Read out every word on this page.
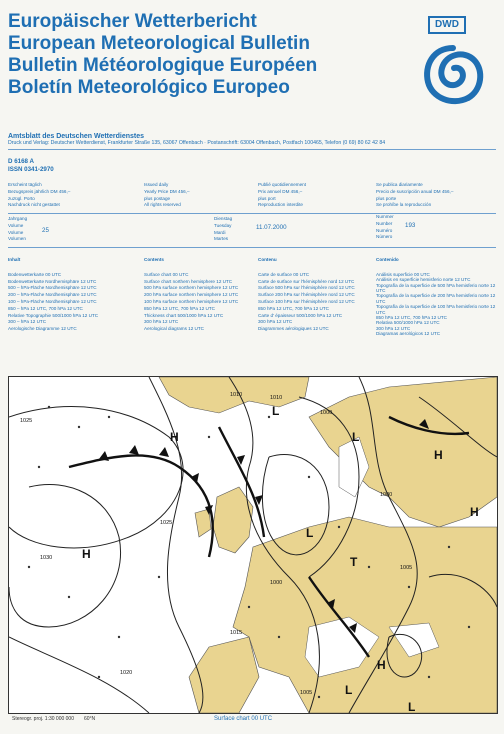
Europäischer Wetterbericht
European Meteorological Bulletin
Bulletin Météorologique Européen
Boletín Meteorológico Europeo
DWD
Amtsblatt des Deutschen Wetterdienstes
Druck und Verlag: Deutscher Wetterdienst, Frankfurter Straße 135, 63067 Offenbach · Postanschrift: 63004 Offenbach, Postfach 100465, Telefon (0 69) 80 62 42 84
D 6168 A
ISSN 0341-2970
Erscheint täglich
Bezugspreis jährlich DM 456,–
zuzügl. Porto
Nachdruck nicht gestattet
Issued daily
Yearly Price DM 456,–
plus postage
All rights reserved
Publié quotidiennement
Prix annuel DM 456,–
plus port
Reproduction interdite
Se publica diariamente
Precio de suscripción anual DM 456,–
plus porte
Se prohíbe la reproducción
Jahrgang
Volume
Volume
Volumen
25
Dienstag
Tuesday
Mardi
Martes
11.07.2000
Nummer
Number
Numéro
Número
193
Inhalt
Bodenwetterkarte 00 UTC
Bodenwetterkarte Nordhemisphäre 12 UTC
500 – hPa-Fläche Nordhemisphäre 12 UTC
200 – hPa-Fläche Nordhemisphäre 12 UTC
100 – hPa-Fläche Nordhemisphäre 12 UTC
850 – hPa 12 UTC, 700 hPa 12 UTC
Relative Topographie 500/1000 hPa 12 UTC
300 – hPa 12 UTC
Aerologische Diagramme 12 UTC
Contents
Surface chart 00 UTC
Surface chart northern hemisphere 12 UTC
500 hPa surface northern hemisphere 12 UTC
200 hPa surface northern hemisphere 12 UTC
100 hPa surface northern hemisphere 12 UTC
850 hPa 12 UTC, 700 hPa 12 UTC
Thickness chart 500/1000 hPa 12 UTC
300 hPa 12 UTC
Aerological diagrams 12 UTC
Contenu
Carte de surface 00 UTC
Carte de surface sur l'hémisphère nord 12 UTC
Surface 500 hPa sur l'hémisphère nord 12 UTC
Surface 200 hPa sur l'hémisphère nord 12 UTC
Surface 100 hPa sur l'hémisphère nord 12 UTC
850 hPa 12 UTC, 700 hPa 12 UTC
Carte d' épaisseur 500/1000 hPa 12 UTC
300 hPa 12 UTC
Diagrammes aérologiques 12 UTC
Contenido
Análisis superficie 00 UTC
Análisis en superficie hemisferio norte 12 UTC
Topografía de la superficie de 500 hPa hemisferio norte 12 UTC
Topografía de la superficie de 200 hPa hemisferio norte 12 UTC
Topografía de la superficie de 100 hPa hemisferio norte 12 UTC
850 hPa 12 UTC, 700 hPa 12 UTC
Relativa 500/1000 hPa 12 UTC
300 hPa 12 UTC
Diagramas aerológicos 12 UTC
Stereogr. proj. 1:30 000 000 60°N	Surface chart 00 UTC
1025
1030
1025
1020
1015
1010
1000
1005
1005
1000
1010
1000
H
H
H
H
H
L
L
L
T
L
L
